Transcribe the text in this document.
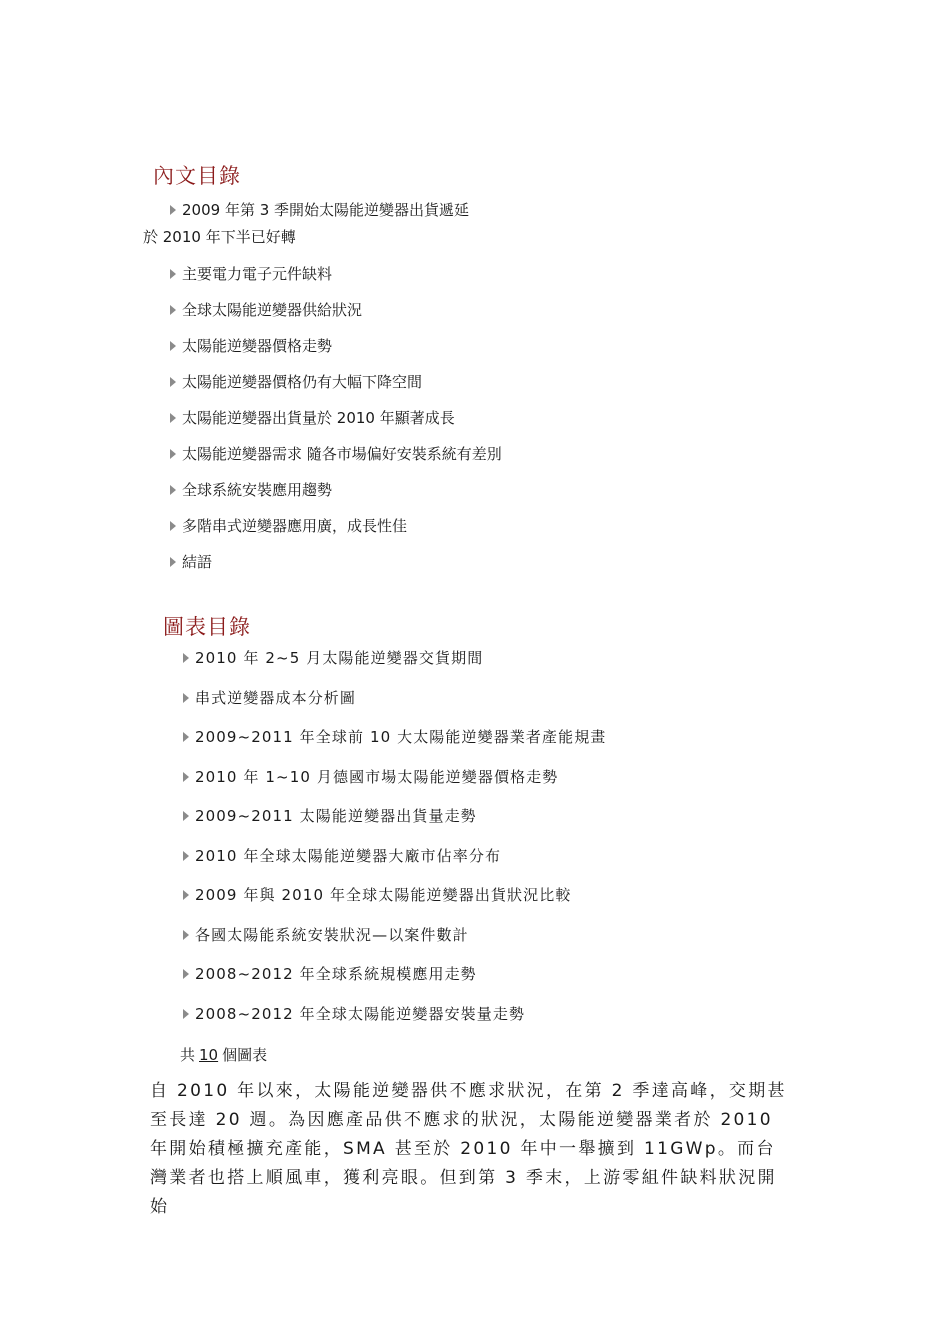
內文目錄
2009 年第 3 季開始太陽能逆變器出貨遞延
於 2010 年下半已好轉
主要電力電子元件缺料
全球太陽能逆變器供給狀況
太陽能逆變器價格走勢
太陽能逆變器價格仍有大幅下降空間
太陽能逆變器出貨量於 2010 年顯著成長
太陽能逆變器需求 隨各市場偏好安裝系統有差別
全球系統安裝應用趨勢
多階串式逆變器應用廣，成長性佳
結語
圖表目錄
2010 年 2~5 月太陽能逆變器交貨期間
串式逆變器成本分析圖
2009~2011 年全球前 10 大太陽能逆變器業者產能規畫
2010 年 1~10 月德國市場太陽能逆變器價格走勢
2009~2011 太陽能逆變器出貨量走勢
2010 年全球太陽能逆變器大廠市佔率分布
2009 年與 2010 年全球太陽能逆變器出貨狀況比較
各國太陽能系統安裝狀況—以案件數計
2008~2012 年全球系統規模應用走勢
2008~2012 年全球太陽能逆變器安裝量走勢
共 10 個圖表

自 2010 年以來，太陽能逆變器供不應求狀況，在第 2 季達高峰，交期甚至長達 20 週。為因應產品供不應求的狀況，太陽能逆變器業者於 2010 年開始積極擴充產能，SMA 甚至於 2010 年中一舉擴到 11GWp。而台灣業者也搭上順風車，獲利亮眼。但到第 3 季末，上游零組件缺料狀況開始
